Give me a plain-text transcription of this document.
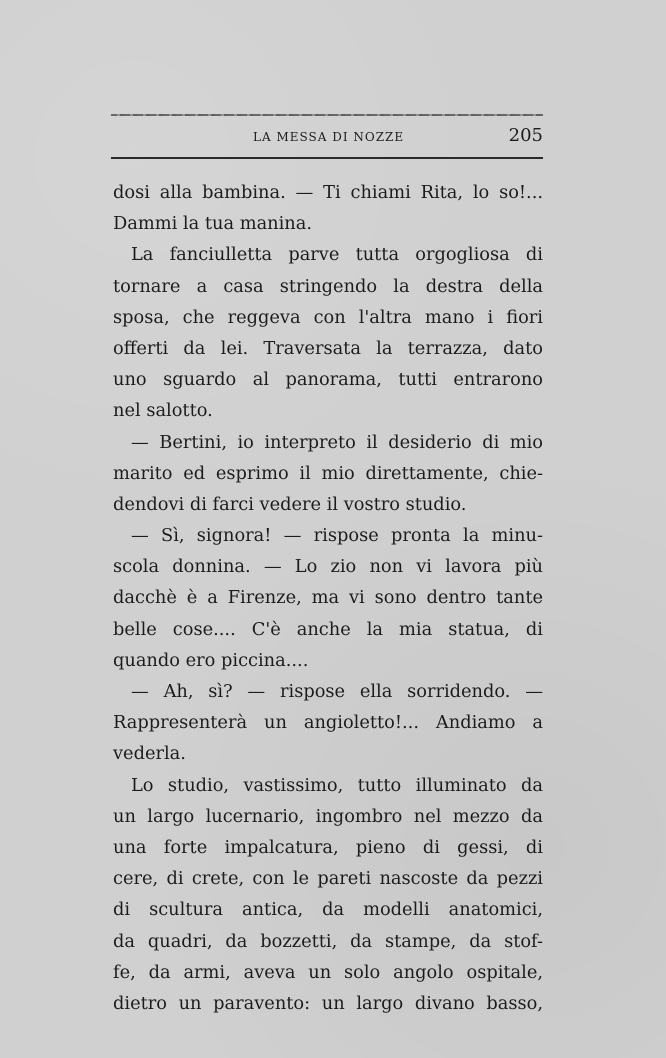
LA MESSA DI NOZZE	205
dosi alla bambina. — Ti chiami Rita, lo so!...
Dammi la tua manina.
La fanciulletta parve tutta orgogliosa di
tornare a casa stringendo la destra della
sposa, che reggeva con l'altra mano i fiori
offerti da lei. Traversata la terrazza, dato
uno sguardo al panorama, tutti entrarono
nel salotto.
— Bertini, io interpreto il desiderio di mio
marito ed esprimo il mio direttamente, chie-
dendovi di farci vedere il vostro studio.
— Sì, signora! — rispose pronta la minu-
scola donnina. — Lo zio non vi lavora più
dacchè è a Firenze, ma vi sono dentro tante
belle cose.... C'è anche la mia statua, di
quando ero piccina....
— Ah, sì? — rispose ella sorridendo. —
Rappresenterà un angioletto!... Andiamo a
vederla.
Lo studio, vastissimo, tutto illuminato da
un largo lucernario, ingombro nel mezzo da
una forte impalcatura, pieno di gessi, di
cere, di crete, con le pareti nascoste da pezzi
di scultura antica, da modelli anatomici,
da quadri, da bozzetti, da stampe, da stof-
fe, da armi, aveva un solo angolo ospitale,
dietro un paravento: un largo divano basso,
